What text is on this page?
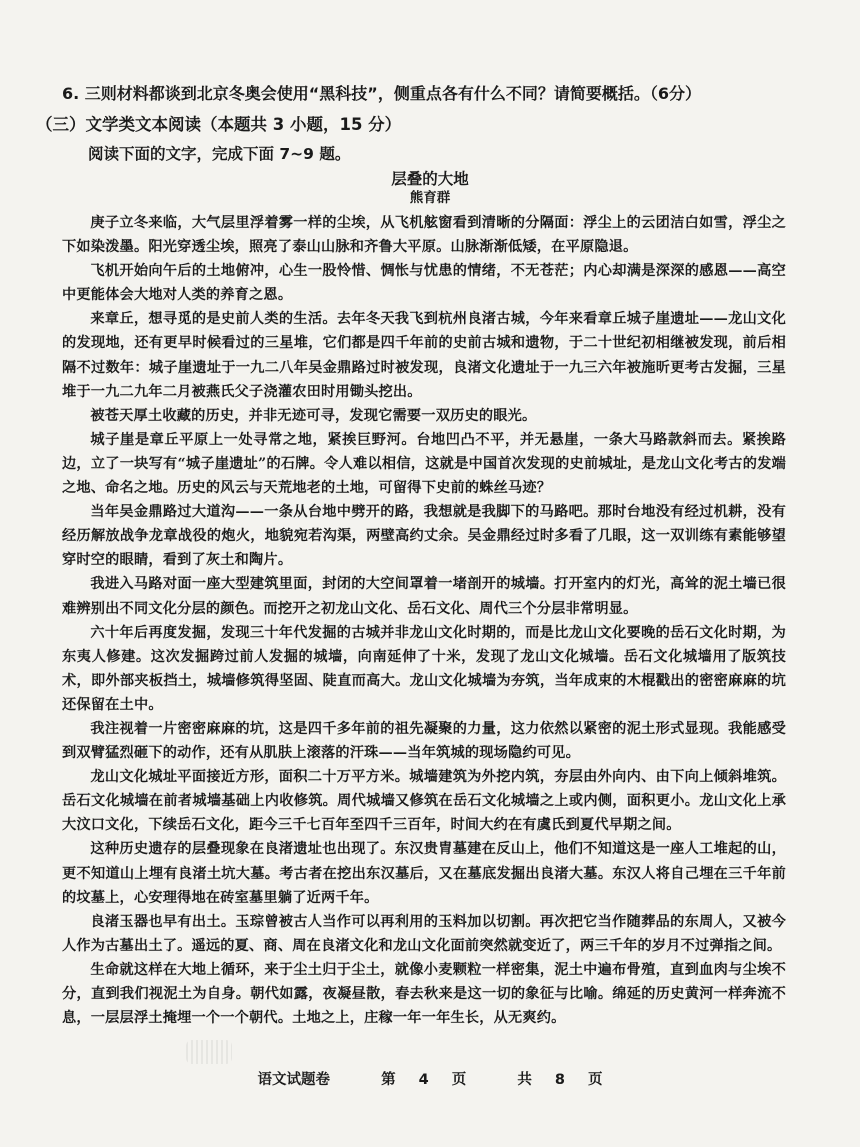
6. 三则材料都谈到北京冬奥会使用“黑科技”，侧重点各有什么不同？请简要概括。（6分）
（三）文学类文本阅读（本题共 3 小题，15 分）
阅读下面的文字，完成下面 7~9 题。
层叠的大地
熊育群

庚子立冬来临，大气层里浮着雾一样的尘埃，从飞机舷窗看到清晰的分隔面：浮尘上的云团洁白如雪，浮尘之下如染泼墨。阳光穿透尘埃，照亮了泰山山脉和齐鲁大平原。山脉渐渐低矮，在平原隐退。

飞机开始向午后的土地俯冲，心生一股怜惜、惆怅与忧患的情绪，不无苍茫；内心却满是深深的感恩——高空中更能体会大地对人类的养育之恩。

来章丘，想寻觅的是史前人类的生活。去年冬天我飞到杭州良渚古城，今年来看章丘城子崖遗址——龙山文化的发现地，还有更早时候看过的三星堆，它们都是四千年前的史前古城和遗物，于二十世纪初相继被发现，前后相隔不过数年：城子崖遗址于一九二八年吴金鼎路过时被发现，良渚文化遗址于一九三六年被施昕更考古发掘，三星堆于一九二九年二月被燕氏父子浇灌农田时用锄头挖出。

被苍天厚土收藏的历史，并非无迹可寻，发现它需要一双历史的眼光。

城子崖是章丘平原上一处寻常之地，紧挨巨野河。台地凹凸不平，并无悬崖，一条大马路款斜而去。紧挨路边，立了一块写有“城子崖遗址”的石牌。令人难以相信，这就是中国首次发现的史前城址，是龙山文化考古的发端之地、命名之地。历史的风云与天荒地老的土地，可留得下史前的蛛丝马迹？

当年吴金鼎路过大道沟——一条从台地中劈开的路，我想就是我脚下的马路吧。那时台地没有经过机耕，没有经历解放战争龙章战役的炮火，地貌宛若沟渠，两壁高约丈余。吴金鼎经过时多看了几眼，这一双训练有素能够望穿时空的眼睛，看到了灰土和陶片。

我进入马路对面一座大型建筑里面，封闭的大空间罩着一堵剖开的城墙。打开室内的灯光，高耸的泥土墙已很难辨别出不同文化分层的颜色。而挖开之初龙山文化、岳石文化、周代三个分层非常明显。

六十年后再度发掘，发现三十年代发掘的古城并非龙山文化时期的，而是比龙山文化要晚的岳石文化时期，为东夷人修建。这次发掘跨过前人发掘的城墙，向南延伸了十米，发现了龙山文化城墙。岳石文化城墙用了版筑技术，即外部夹板挡土，城墙修筑得坚固、陡直而高大。龙山文化城墙为夯筑，当年成束的木棍戳出的密密麻麻的坑还保留在土中。

我注视着一片密密麻麻的坑，这是四千多年前的祖先凝聚的力量，这力依然以紧密的泥土形式显现。我能感受到双臂猛烈砸下的动作，还有从肌肤上滚落的汗珠——当年筑城的现场隐约可见。

龙山文化城址平面接近方形，面积二十万平方米。城墙建筑为外挖内筑，夯层由外向内、由下向上倾斜堆筑。岳石文化城墙在前者城墙基础上内收修筑。周代城墙又修筑在岳石文化城墙之上或内侧，面积更小。龙山文化上承大汶口文化，下续岳石文化，距今三千七百年至四千三百年，时间大约在有虞氏到夏代早期之间。

这种历史遗存的层叠现象在良渚遗址也出现了。东汉贵胄墓建在反山上，他们不知道这是一座人工堆起的山，更不知道山上埋有良渚土坑大墓。考古者在挖出东汉墓后，又在墓底发掘出良渚大墓。东汉人将自己埋在三千年前的坟墓上，心安理得地在砖室墓里躺了近两千年。

良渚玉器也早有出土。玉琮曾被古人当作可以再利用的玉料加以切割。再次把它当作随葬品的东周人，又被今人作为古墓出土了。遥远的夏、商、周在良渚文化和龙山文化面前突然就变近了，两三千年的岁月不过弹指之间。

生命就这样在大地上循环，来于尘土归于尘土，就像小麦颗粒一样密集，泥土中遍布骨殖，直到血肉与尘埃不分，直到我们视泥土为自身。朝代如露，夜凝昼散，春去秋来是这一切的象征与比喻。绵延的历史黄河一样奔流不息，一层层浮土掩埋一个一个朝代。土地之上，庄稼一年一年生长，从无爽约。

语文试题卷	第 4 页	共 8 页
